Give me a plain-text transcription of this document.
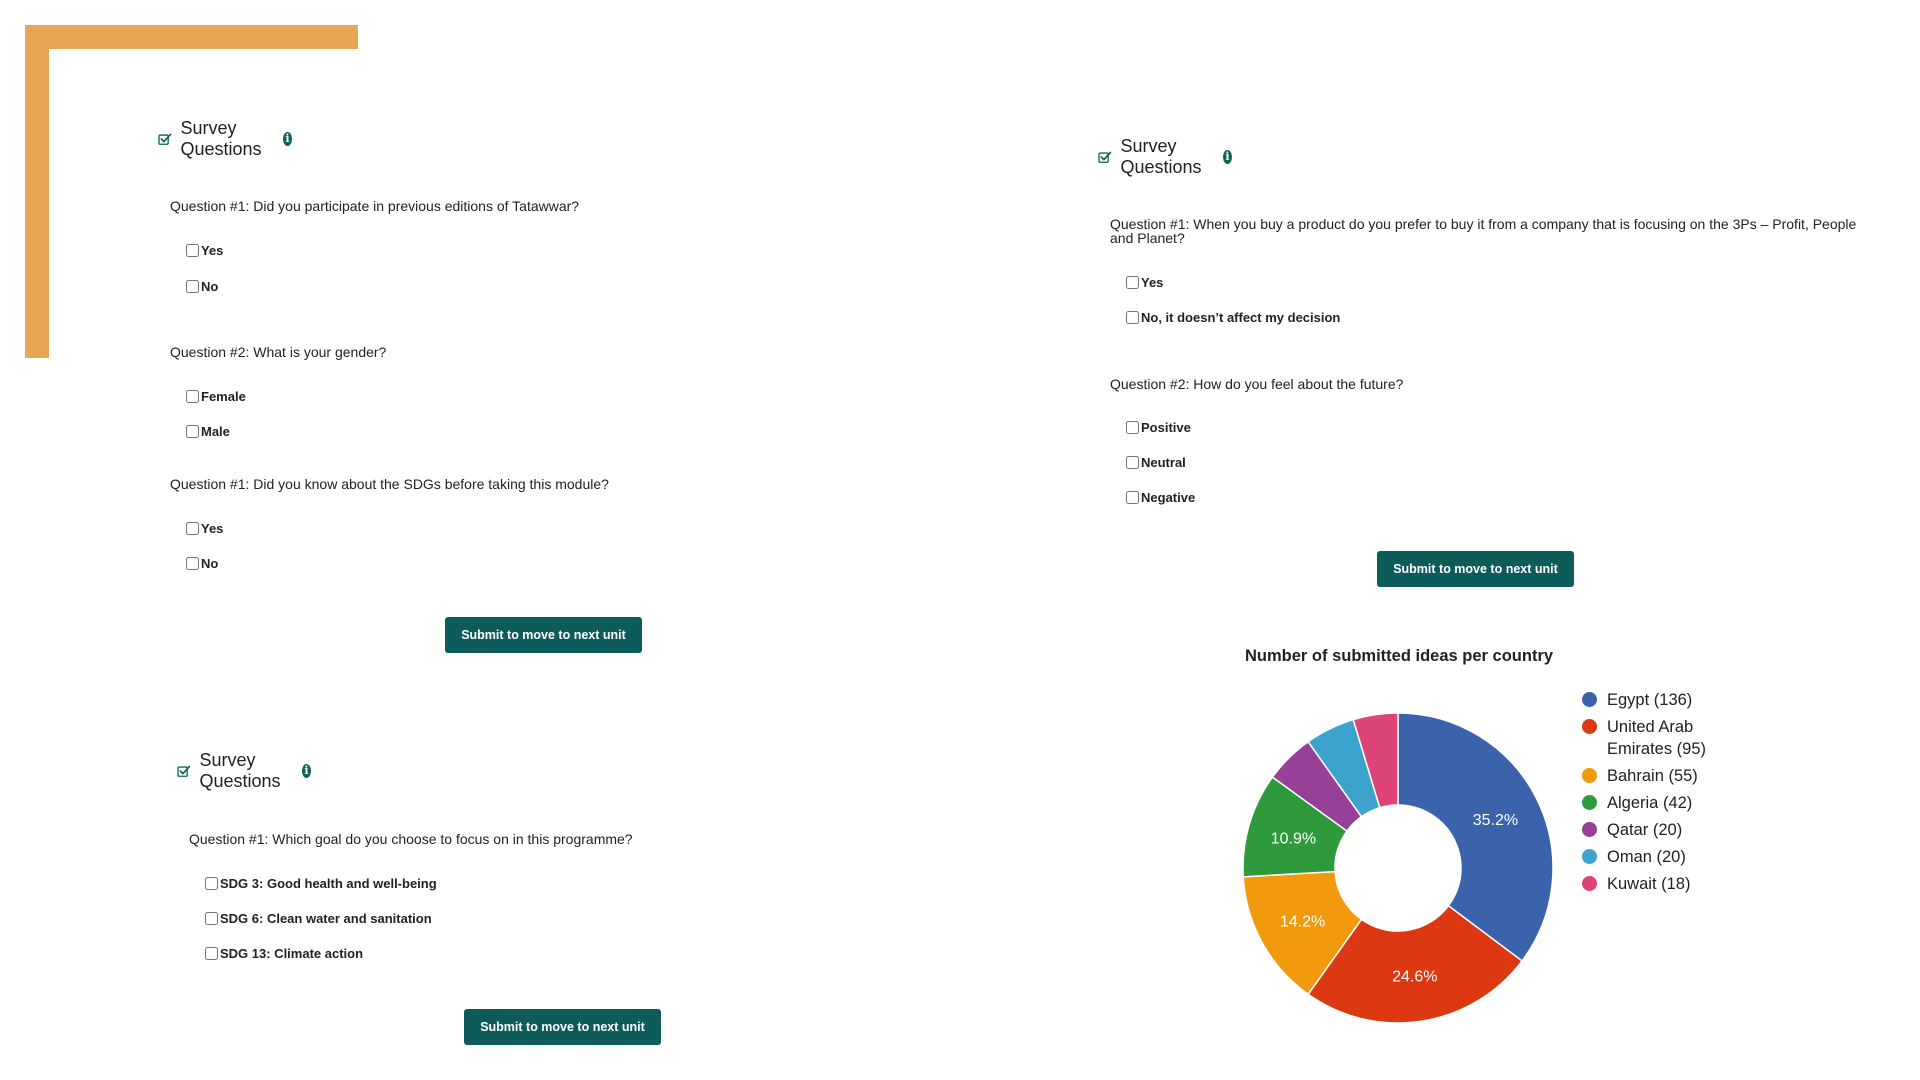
Survey Questions
i
Question #1: Did you participate in previous editions of Tatawwar?
Yes
No
Question #2: What is your gender?
Female
Male
Question #1: Did you know about the SDGs before taking this module?
Yes
No
Submit to move to next unit
Survey Questions
i
Question #1: Which goal do you choose to focus on in this programme?
SDG 3: Good health and well-being
SDG 6: Clean water and sanitation
SDG 13: Climate action
Submit to move to next unit
Survey Questions
i
Question #1: When you buy a product do you prefer to buy it from a company that is focusing on the 3Ps – Profit, People and Planet?
Yes
No, it doesn’t affect my decision
Question #2: How do you feel about the future?
Positive
Neutral
Negative
Submit to move to next unit
Number of submitted ideas per country
35.2%
24.6%
14.2%
10.9%
Egypt (136)
United Arab Emirates (95)
Bahrain (55)
Algeria (42)
Qatar (20)
Oman (20)
Kuwait (18)
